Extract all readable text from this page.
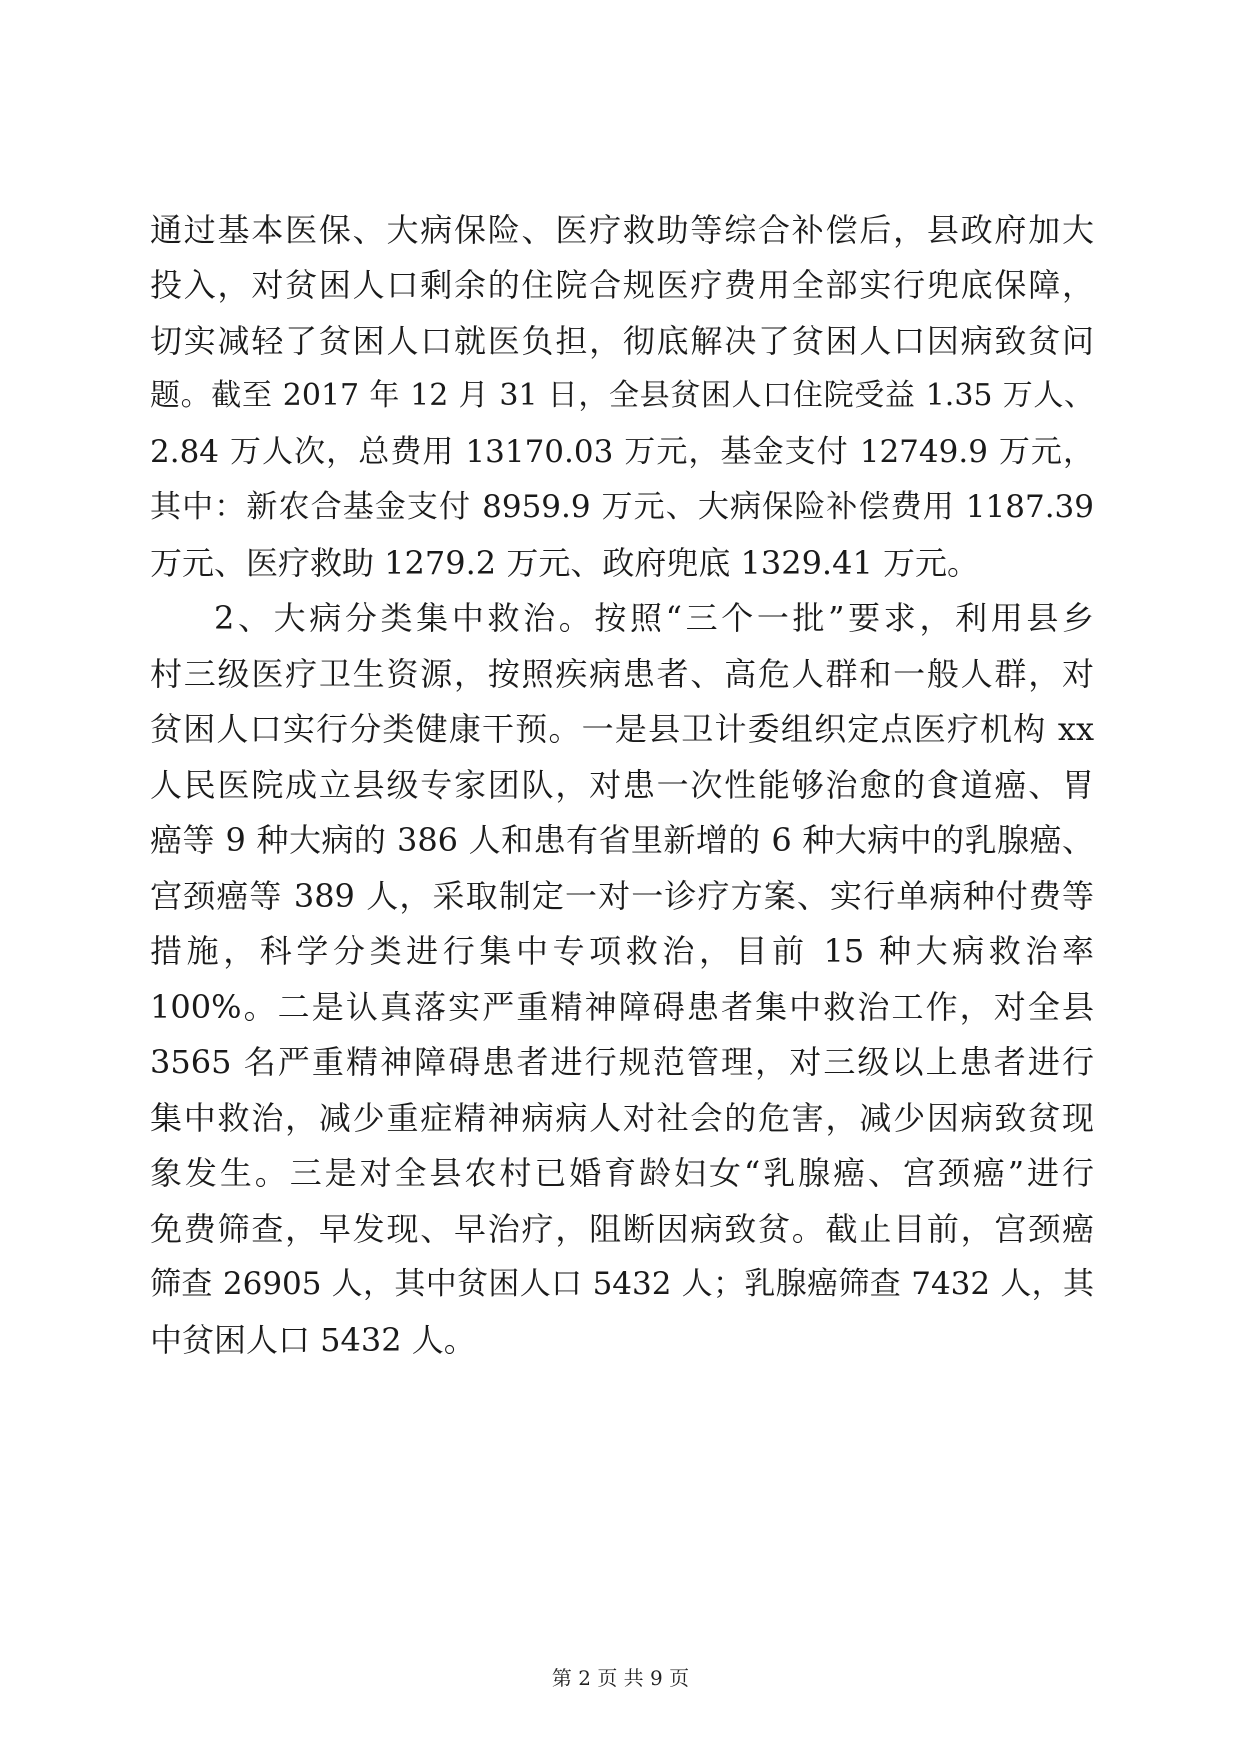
通过基本医保、大病保险、医疗救助等综合补偿后，县政府加大
投入，对贫困人口剩余的住院合规医疗费用全部实行兜底保障，
切实减轻了贫困人口就医负担，彻底解决了贫困人口因病致贫问
题。截至 2017 年 12 月 31 日，全县贫困人口住院受益 1.35 万人、
2.84 万人次，总费用 13170.03 万元，基金支付 12749.9 万元，
其中：新农合基金支付 8959.9 万元、大病保险补偿费用 1187.39
万元、医疗救助 1279.2 万元、政府兜底 1329.41 万元。
2、大病分类集中救治。按照“三个一批”要求，利用县乡
村三级医疗卫生资源，按照疾病患者、高危人群和一般人群，对
贫困人口实行分类健康干预。一是县卫计委组织定点医疗机构 xx
人民医院成立县级专家团队，对患一次性能够治愈的食道癌、胃
癌等 9 种大病的 386 人和患有省里新增的 6 种大病中的乳腺癌、
宫颈癌等 389 人，采取制定一对一诊疗方案、实行单病种付费等
措施，科学分类进行集中专项救治，目前 15 种大病救治率
100%。二是认真落实严重精神障碍患者集中救治工作，对全县
3565 名严重精神障碍患者进行规范管理，对三级以上患者进行
集中救治，减少重症精神病病人对社会的危害，减少因病致贫现
象发生。三是对全县农村已婚育龄妇女“乳腺癌、宫颈癌”进行
免费筛查，早发现、早治疗，阻断因病致贫。截止目前，宫颈癌
筛查 26905 人，其中贫困人口 5432 人；乳腺癌筛查 7432 人，其
中贫困人口 5432 人。
第 2 页 共 9 页
